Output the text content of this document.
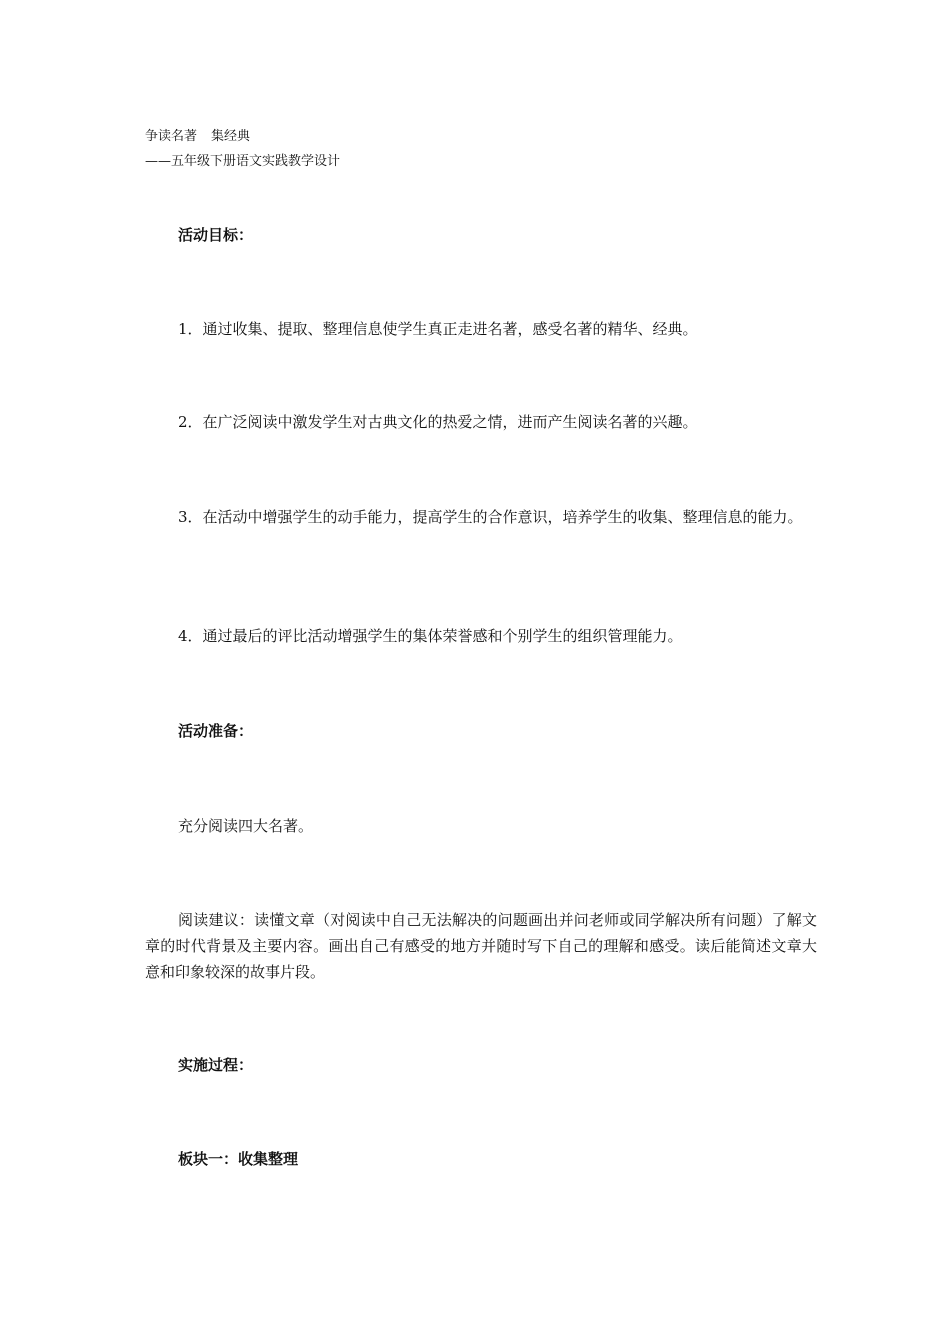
争读名著 集经典
——五年级下册语文实践教学设计

活动目标：

1．通过收集、提取、整理信息使学生真正走进名著，感受名著的精华、经典。

2．在广泛阅读中激发学生对古典文化的热爱之情，进而产生阅读名著的兴趣。

3．在活动中增强学生的动手能力，提高学生的合作意识，培养学生的收集、整理信息的能力。

4．通过最后的评比活动增强学生的集体荣誉感和个别学生的组织管理能力。

活动准备：

充分阅读四大名著。

阅读建议：读懂文章（对阅读中自己无法解决的问题画出并问老师或同学解决所有问题）了解文章的时代背景及主要内容。画出自己有感受的地方并随时写下自己的理解和感受。读后能简述文章大意和印象较深的故事片段。

实施过程：

板块一：收集整理
